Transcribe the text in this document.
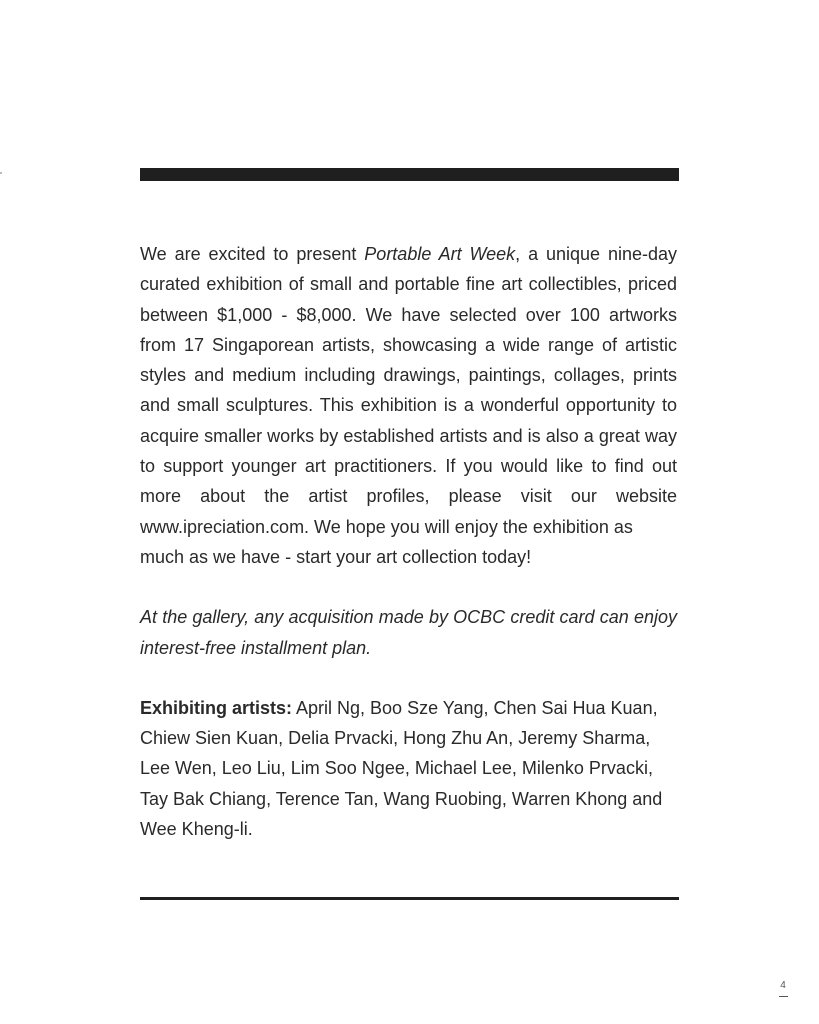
We are excited to present Portable Art Week, a unique nine-day curated exhibition of small and portable fine art collectibles, priced between $1,000 - $8,000. We have selected over 100 artworks from 17 Singaporean artists, showcasing a wide range of artistic styles and medium including drawings, paintings, collages, prints and small sculptures. This exhibition is a wonderful opportunity to acquire smaller works by established artists and is also a great way to support younger art practitioners. If you would like to find out more about the artist profiles, please visit our website www.ipreciation.com. We hope you will enjoy the exhibition as

much as we have - start your art collection today!

At the gallery, any acquisition made by OCBC credit card can enjoy interest-free installment plan.

Exhibiting artists: April Ng, Boo Sze Yang, Chen Sai Hua Kuan, Chiew Sien Kuan, Delia Prvacki, Hong Zhu An, Jeremy Sharma, Lee Wen, Leo Liu, Lim Soo Ngee, Michael Lee, Milenko Prvacki, Tay Bak Chiang, Terence Tan, Wang Ruobing, Warren Khong and Wee Kheng-li.

4
